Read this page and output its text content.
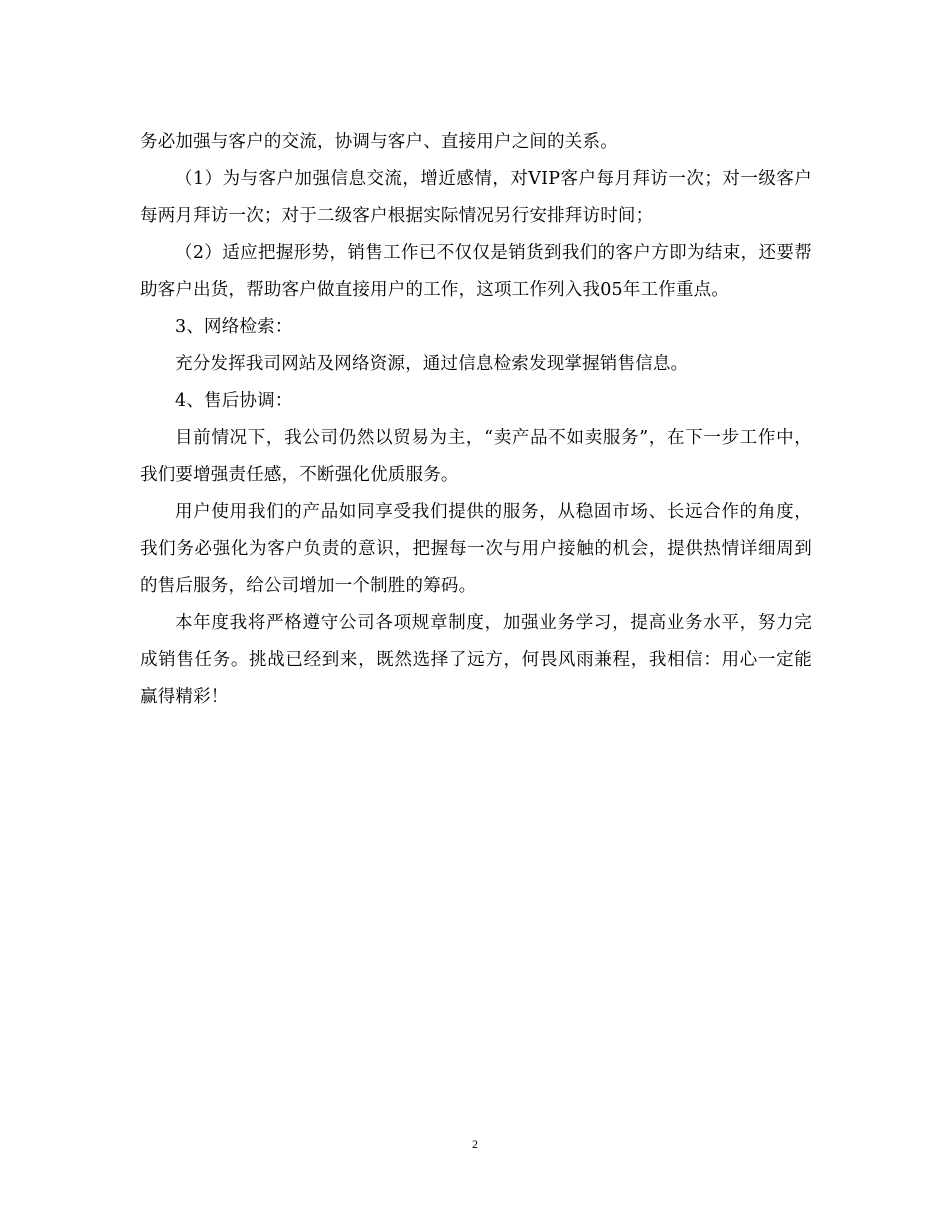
务必加强与客户的交流，协调与客户、直接用户之间的关系。

（1）为与客户加强信息交流，增近感情，对VIP客户每月拜访一次；对一级客户每两月拜访一次；对于二级客户根据实际情况另行安排拜访时间；

（2）适应把握形势，销售工作已不仅仅是销货到我们的客户方即为结束，还要帮助客户出货，帮助客户做直接用户的工作，这项工作列入我05年工作重点。

3、网络检索：

充分发挥我司网站及网络资源，通过信息检索发现掌握销售信息。

4、售后协调：

目前情况下，我公司仍然以贸易为主，“卖产品不如卖服务”，在下一步工作中，我们要增强责任感，不断强化优质服务。

用户使用我们的产品如同享受我们提供的服务，从稳固市场、长远合作的角度，我们务必强化为客户负责的意识，把握每一次与用户接触的机会，提供热情详细周到的售后服务，给公司增加一个制胜的筹码。

本年度我将严格遵守公司各项规章制度，加强业务学习，提高业务水平，努力完成销售任务。挑战已经到来，既然选择了远方，何畏风雨兼程，我相信：用心一定能赢得精彩！

2
